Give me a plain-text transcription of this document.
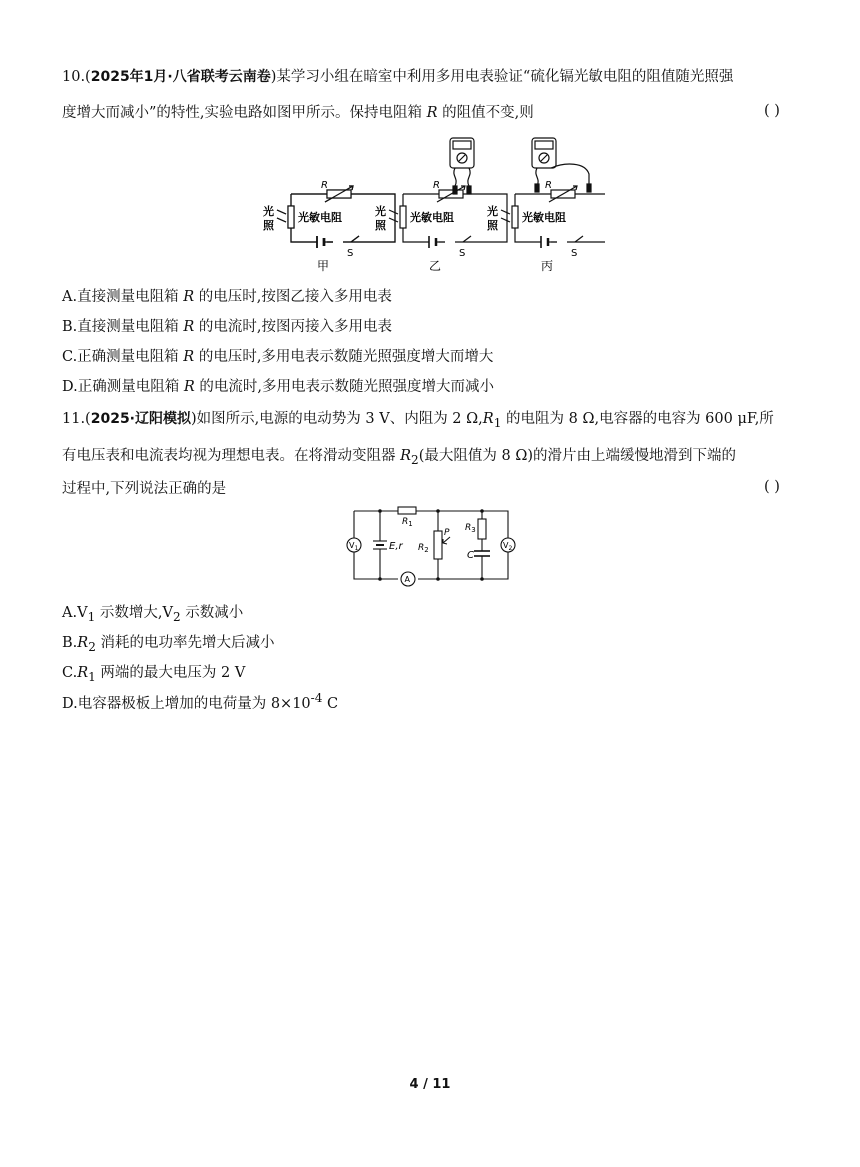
10.(2025年1月·八省联考云南卷)某学习小组在暗室中利用多用电表验证“硫化镉光敏电阻的阻值随光照强
度增大而减小”的特性,实验电路如图甲所示。保持电阻箱 R 的阻值不变,则	( )
R
光敏电阻
光
照
S
甲
R
光敏电阻
光
照
S
乙
R
光敏电阻
光
照
S
丙
A.直接测量电阻箱 R 的电压时,按图乙接入多用电表
B.直接测量电阻箱 R 的电流时,按图丙接入多用电表
C.正确测量电阻箱 R 的电压时,多用电表示数随光照强度增大而增大
D.正确测量电阻箱 R 的电流时,多用电表示数随光照强度增大而减小
11.(2025·辽阳模拟)如图所示,电源的电动势为 3 V、内阻为 2 $\Omega,R_1$ 的电阻为 8 Ω,电容器的电容为 600 μF,所
有电压表和电流表均视为理想电表。在将滑动变阻器 $R_2$(最大阻值为 8 Ω)的滑片由上端缓慢地滑到下端的
过程中,下列说法正确的是	( )
$R_1$
E,r $R_2$
P $R_3$
C
$V_1$	$V_2$
A
$A.V_1$ 示数增大$,V_2$ 示数减小
$B.R_2$ 消耗的电功率先增大后减小
$C.R_1$ 两端的最大电压为 2 V
D.电容器极板上增加的电荷量为 $8\times 10^{-4}$ C
4 / 11
